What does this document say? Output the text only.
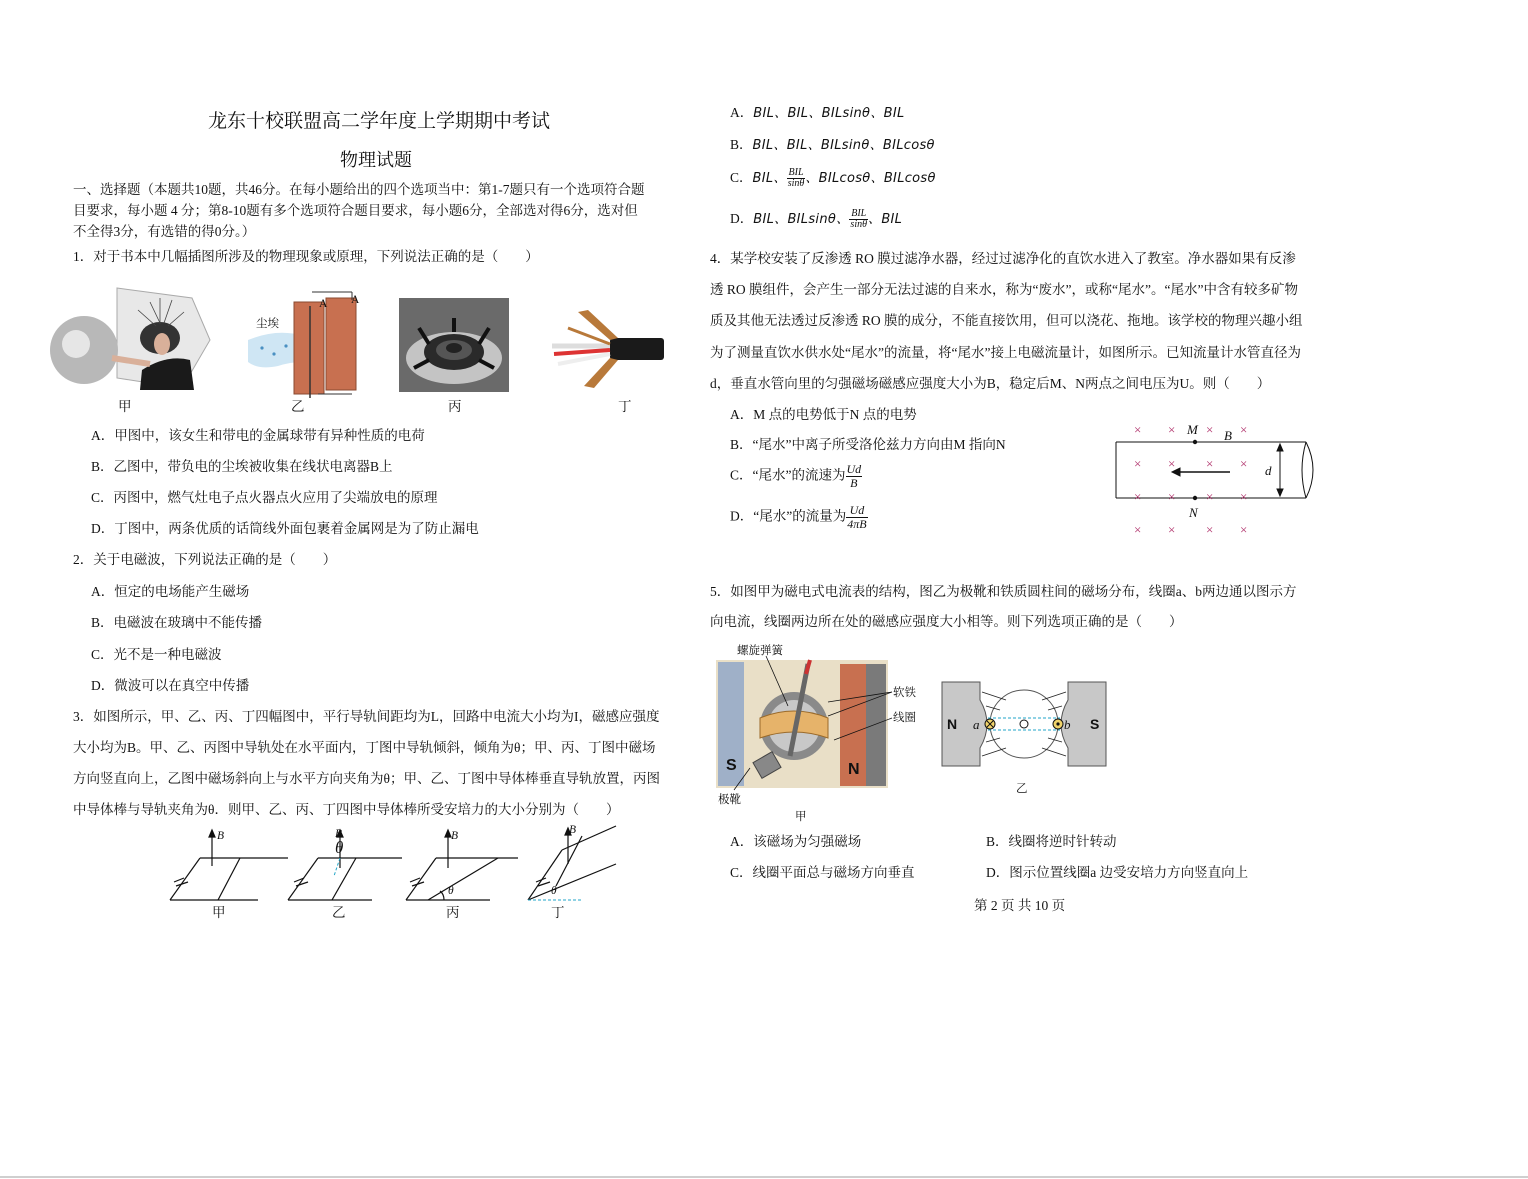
龙东十校联盟高二学年度上学期期中考试
物理试题
一、选择题（本题共10题，共46分。在每小题给出的四个选项当中：第1-7题只有一个选项符合题
目要求，每小题 4 分；第8-10题有多个选项符合题目要求，每小题6分，全部选对得6分，选对但
不全得3分，有选错的得0分。）
1．对于书本中几幅插图所涉及的物理现象或原理，下列说法正确的是（　　）
尘埃
A A
甲	乙	丙	丁
A．甲图中，该女生和带电的金属球带有异种性质的电荷
B．乙图中，带负电的尘埃被收集在线状电离器B上
C．丙图中，燃气灶电子点火器点火应用了尖端放电的原理
D．丁图中，两条优质的话筒线外面包裹着金属网是为了防止漏电
2．关于电磁波，下列说法正确的是（　　）
A．恒定的电场能产生磁场
B．电磁波在玻璃中不能传播
C．光不是一种电磁波
D．微波可以在真空中传播
3．如图所示，甲、乙、丙、丁四幅图中，平行导轨间距均为L，回路中电流大小均为I，磁感应强度
大小均为B。甲、乙、丙图中导轨处在水平面内，丁图中导轨倾斜，倾角为θ；甲、丙、丁图中磁场
方向竖直向上，乙图中磁场斜向上与水平方向夹角为θ；甲、乙、丁图中导体棒垂直导轨放置，丙图
中导体棒与导轨夹角为θ．则甲、乙、丙、丁四图中导体棒所受安培力的大小分别为（　　）
B	B
θ
B
θ
B
θ
甲	乙	丙	丁
A．BIL、BIL、BILsinθ、BIL
B．BIL、BIL、BILsinθ、BILcosθ
C．BIL、 $\frac{\text{BIL}}{\sin\theta}$ 、BILcosθ、BILcosθ
D．BIL、BILsinθ、 $\frac{\text{BIL}}{\sin\theta}$ 、BIL
4．某学校安装了反渗透 RO 膜过滤净水器，经过过滤净化的直饮水进入了教室。净水器如果有反渗
透 RO 膜组件，会产生一部分无法过滤的自来水，称为“废水”，或称“尾水”。“尾水”中含有较多矿物
质及其他无法透过反渗透 RO 膜的成分，不能直接饮用，但可以浇花、拖地。该学校的物理兴趣小组
为了测量直饮水供水处“尾水”的流量，将“尾水”接上电磁流量计，如图所示。已知流量计水管直径为
d，垂直水管向里的匀强磁场磁感应强度大小为B，稳定后M、N两点之间电压为U。则（　　）
A．M 点的电势低于N 点的电势
B．“尾水”中离子所受洛伦兹力方向由M 指向N
C．“尾水”的流速为 $\frac{Ud}{B}$
D．“尾水”的流量为 $\frac{Ud}{4\pi B}$
× × × ×
× × × ×
× × × ×
× × × ×
M B
d
N
5．如图甲为磁电式电流表的结构，图乙为极靴和铁质圆柱间的磁场分布，线圈a、b两边通以图示方
向电流，线圈两边所在处的磁感应强度大小相等。则下列选项正确的是（　　）
S	N
螺旋弹簧
软铁
线圈
极靴
甲
N	S
a	b
乙
A．该磁场为匀强磁场	B．线圈将逆时针转动
C．线圈平面总与磁场方向垂直	D．图示位置线圈a 边受安培力方向竖直向上
第 2 页 共 10 页
